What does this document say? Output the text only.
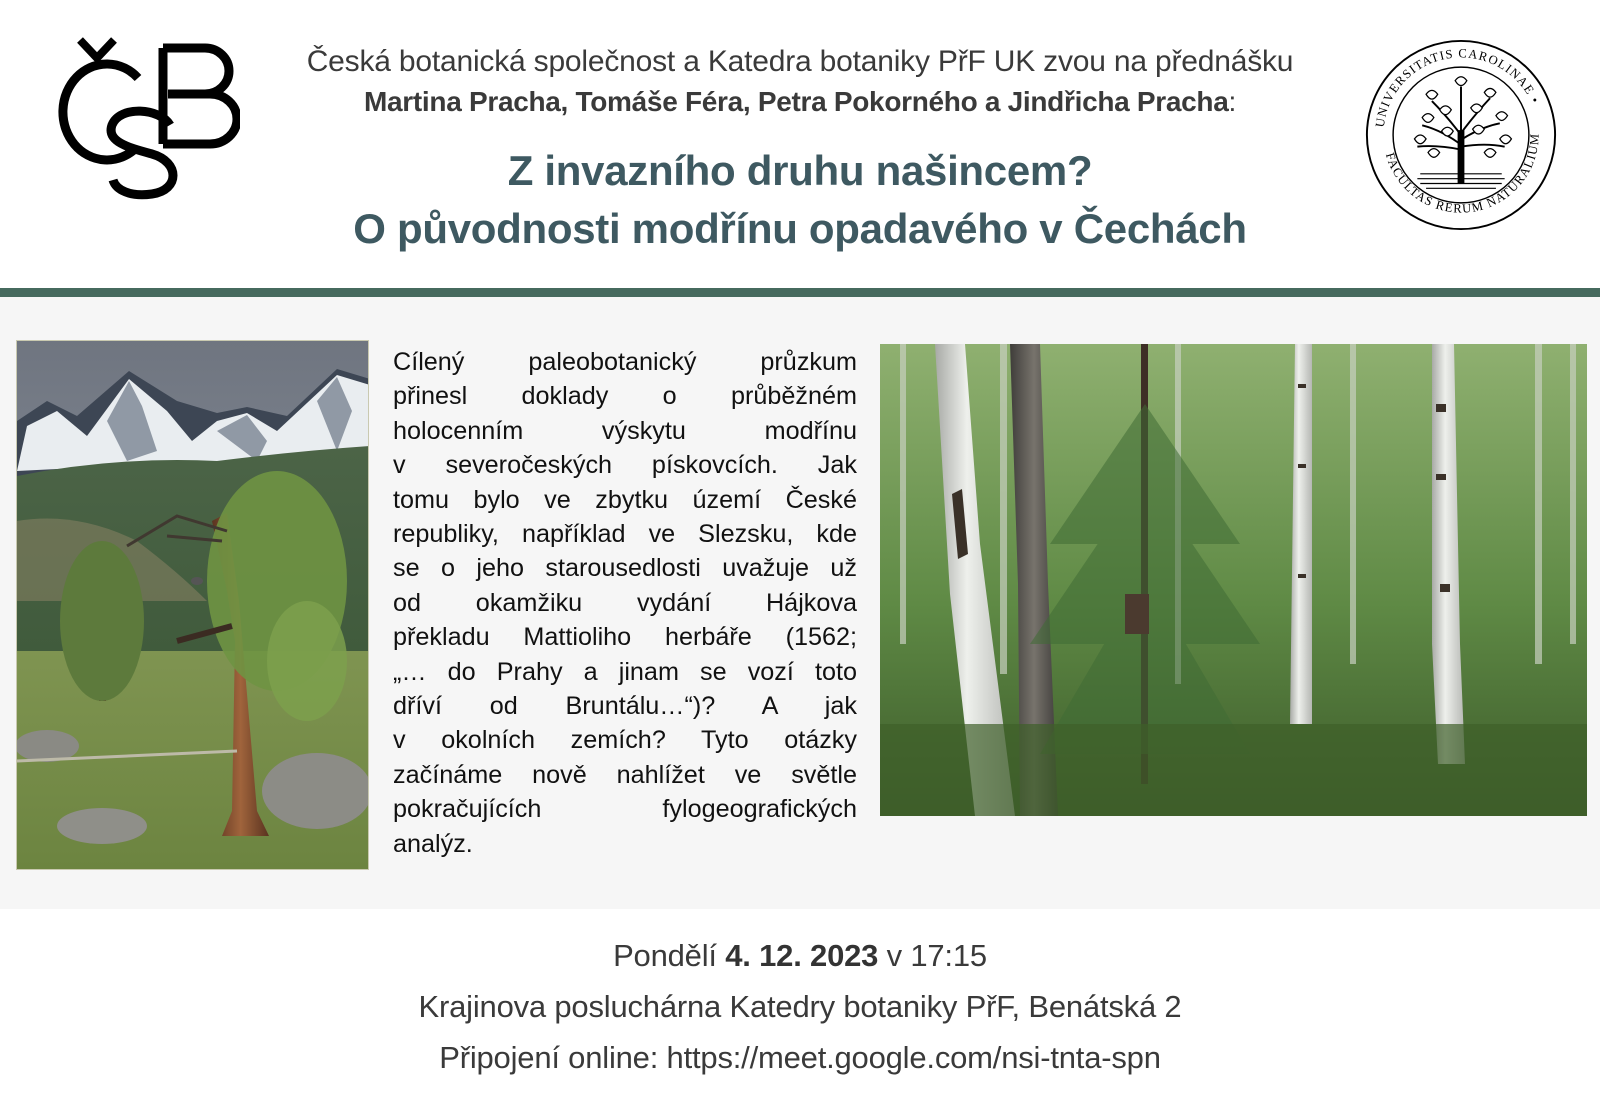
UNIVERSITATIS CAROLINAE •
FACULTAS RERUM NATURALIUM
Česká botanická společnost a Katedra botaniky PřF UK zvou na přednášku
Martina Pracha, Tomáše Féra, Petra Pokorného a Jindřicha Pracha:
Z invazního druhu našincem?
O původnosti modřínu opadavého v Čechách
Cílený paleobotanický průzkum
přinesl doklady o průběžném
holocenním výskytu modřínu
v severočeských pískovcích. Jak
tomu bylo ve zbytku území České
republiky, například ve Slezsku, kde
se o jeho starousedlosti uvažuje už
od okamžiku vydání Hájkova
překladu Mattioliho herbáře (1562;
„… do Prahy a jinam se vozí toto
dříví od Bruntálu…“)? A jak
v okolních zemích? Tyto otázky
začínáme nově nahlížet ve světle
pokračujících fylogeografických
analýz.
Pondělí 4. 12. 2023 v 17:15
Krajinova posluchárna Katedry botaniky PřF, Benátská 2
Připojení online: https://meet.google.com/nsi-tnta-spn
